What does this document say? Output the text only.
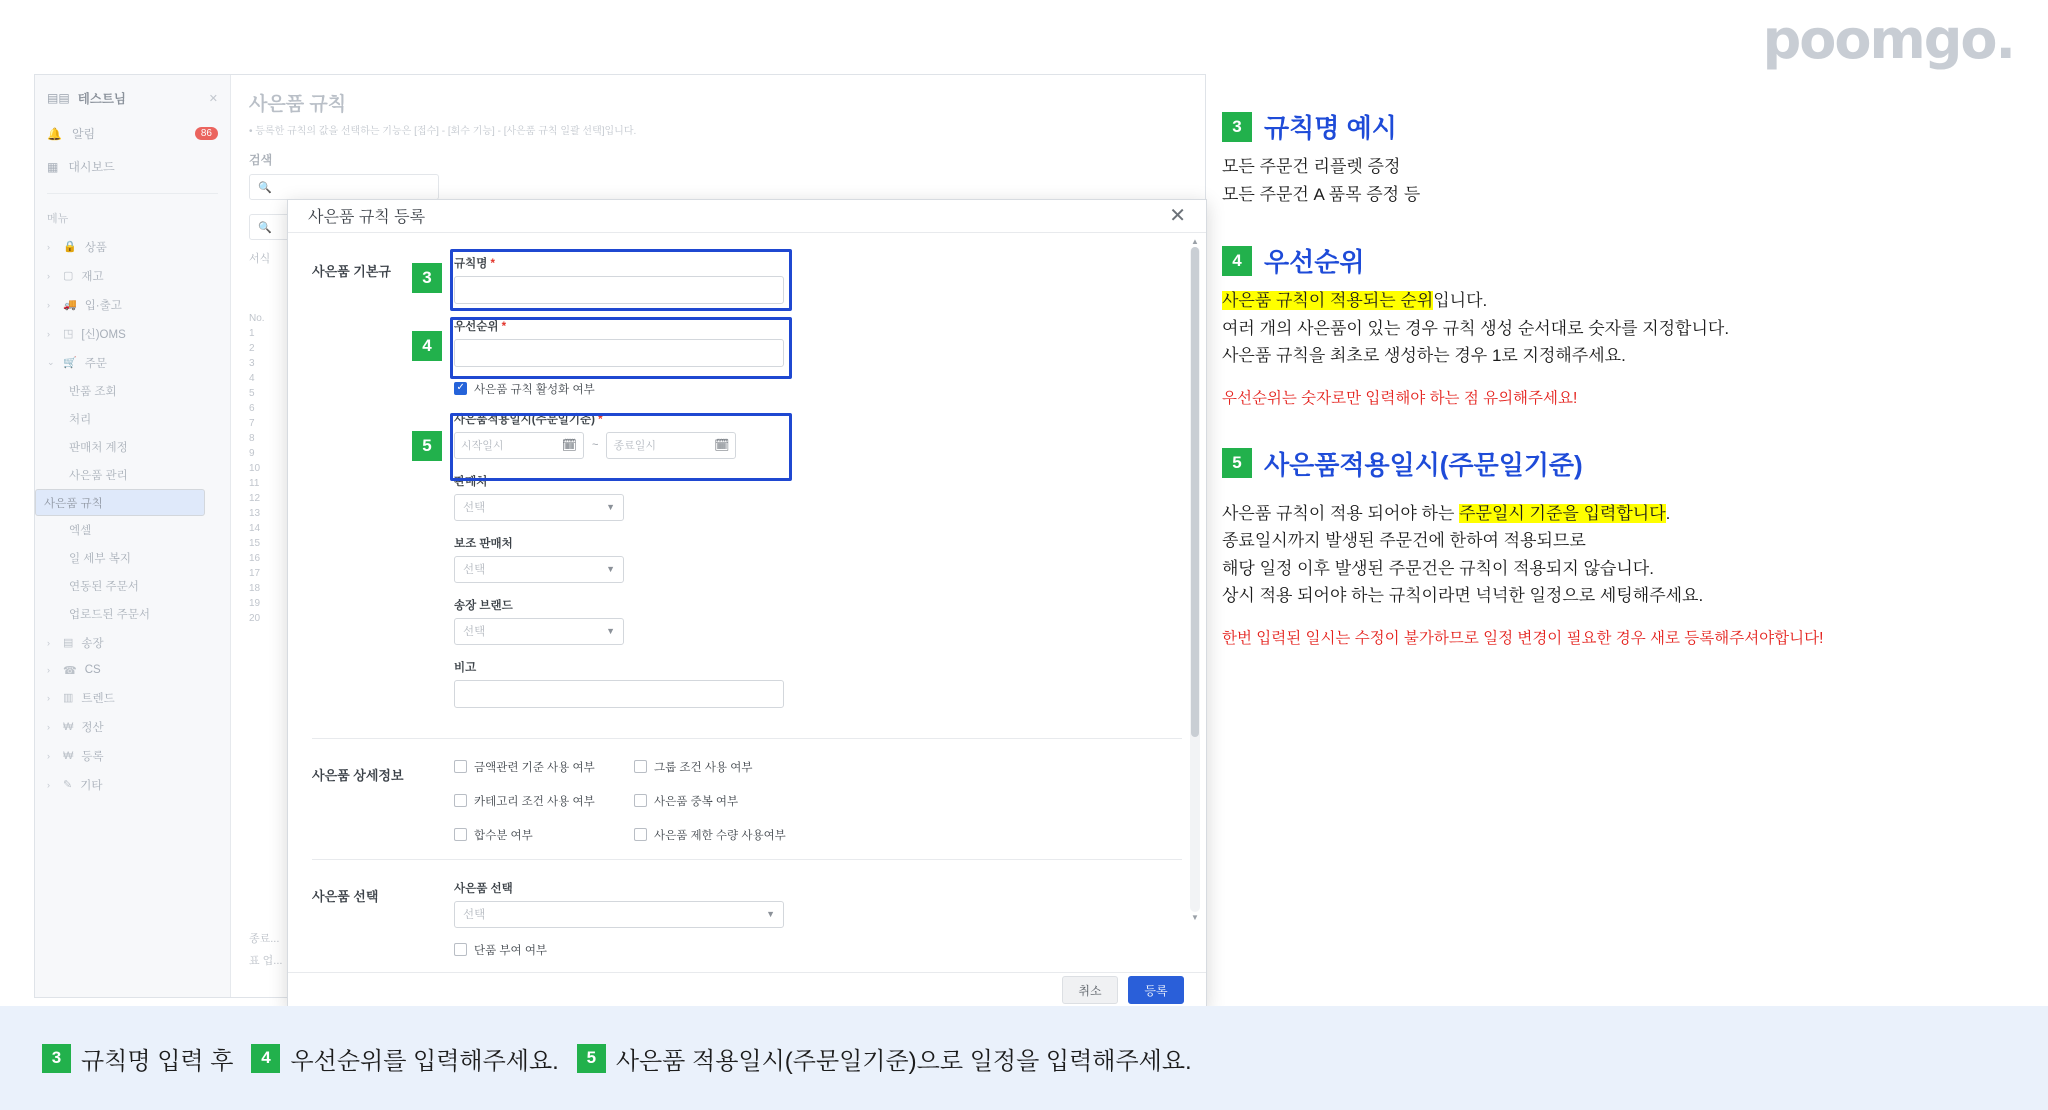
poomgo.
▤▤ 테스트님	✕
🔔 알림	86
▦ 대시보드
메뉴
›	🔒 상품
›	▢ 재고
›	🚚 입·출고
›	◳ [신)OMS
⌄ 🛒 주문
반품 조회
처리
판매처 계정
사은품 관리
사은품 규칙
엑셀
일 세부 복지
연동된 주문서
업로드된 주문서
›	▤ 송장
›	☎ CS
›	▥ 트렌드
›	₩ 정산
›	₩ 등록
›	✎ 기타
사은품 규칙
• 등록한 규칙의 값을 선택하는 기능은 [접수] - [회수 기능] - [사은품 규칙 일괄 선택]입니다.
검색
🔍
🔍
서식
No.
1
2
3
4
5
6
7
8
9
10
11
12
13
14
15
16
17
18
19
20
종료...
표 업...
사은품 규칙 등록	✕
▲
▼
사은품 기본규	규칙명 *
우선순위 *
✓
사은품 규칙 활성화 여부
사은품적용일시(주문일기준) *
시작일시	🗓 ~ 종료일시	🗓
판매처
선택	▼
보조 판매처
선택	▼
송장 브랜드
선택	▼
비고
3
4
5
사은품 상세정보	금액관련 기준 사용 여부	그룹 조건 사용 여부
카테고리 조건 사용 여부	사은품 중복 여부
합수분 여부	사은품 제한 수량 사용여부
사은품 선택	사은품 선택
선택	▼
단품 부여 여부
취소	등록
3 규칙명 예시
모든 주문건 리플렛 증정
모든 주문건 A 품목 증정 등
4 우선순위
사은품 규칙이 적용되는 순위입니다.
여러 개의 사은품이 있는 경우 규칙 생성 순서대로 숫자를 지정합니다.
사은품 규칙을 최초로 생성하는 경우 1로 지정해주세요.
우선순위는 숫자로만 입력해야 하는 점 유의해주세요!
5 사은품적용일시(주문일기준)
사은품 규칙이 적용 되어야 하는 주문일시 기준을 입력합니다.
종료일시까지 발생된 주문건에 한하여 적용되므로
해당 일정 이후 발생된 주문건은 규칙이 적용되지 않습니다.
상시 적용 되어야 하는 규칙이라면 넉넉한 일정으로 세팅해주세요.
한번 입력된 일시는 수정이 불가하므로 일정 변경이 필요한 경우 새로 등록해주셔야합니다!
3 규칙명 입력 후	4 우선순위를 입력해주세요.	5 사은품 적용일시(주문일기준)으로 일정을 입력해주세요.
